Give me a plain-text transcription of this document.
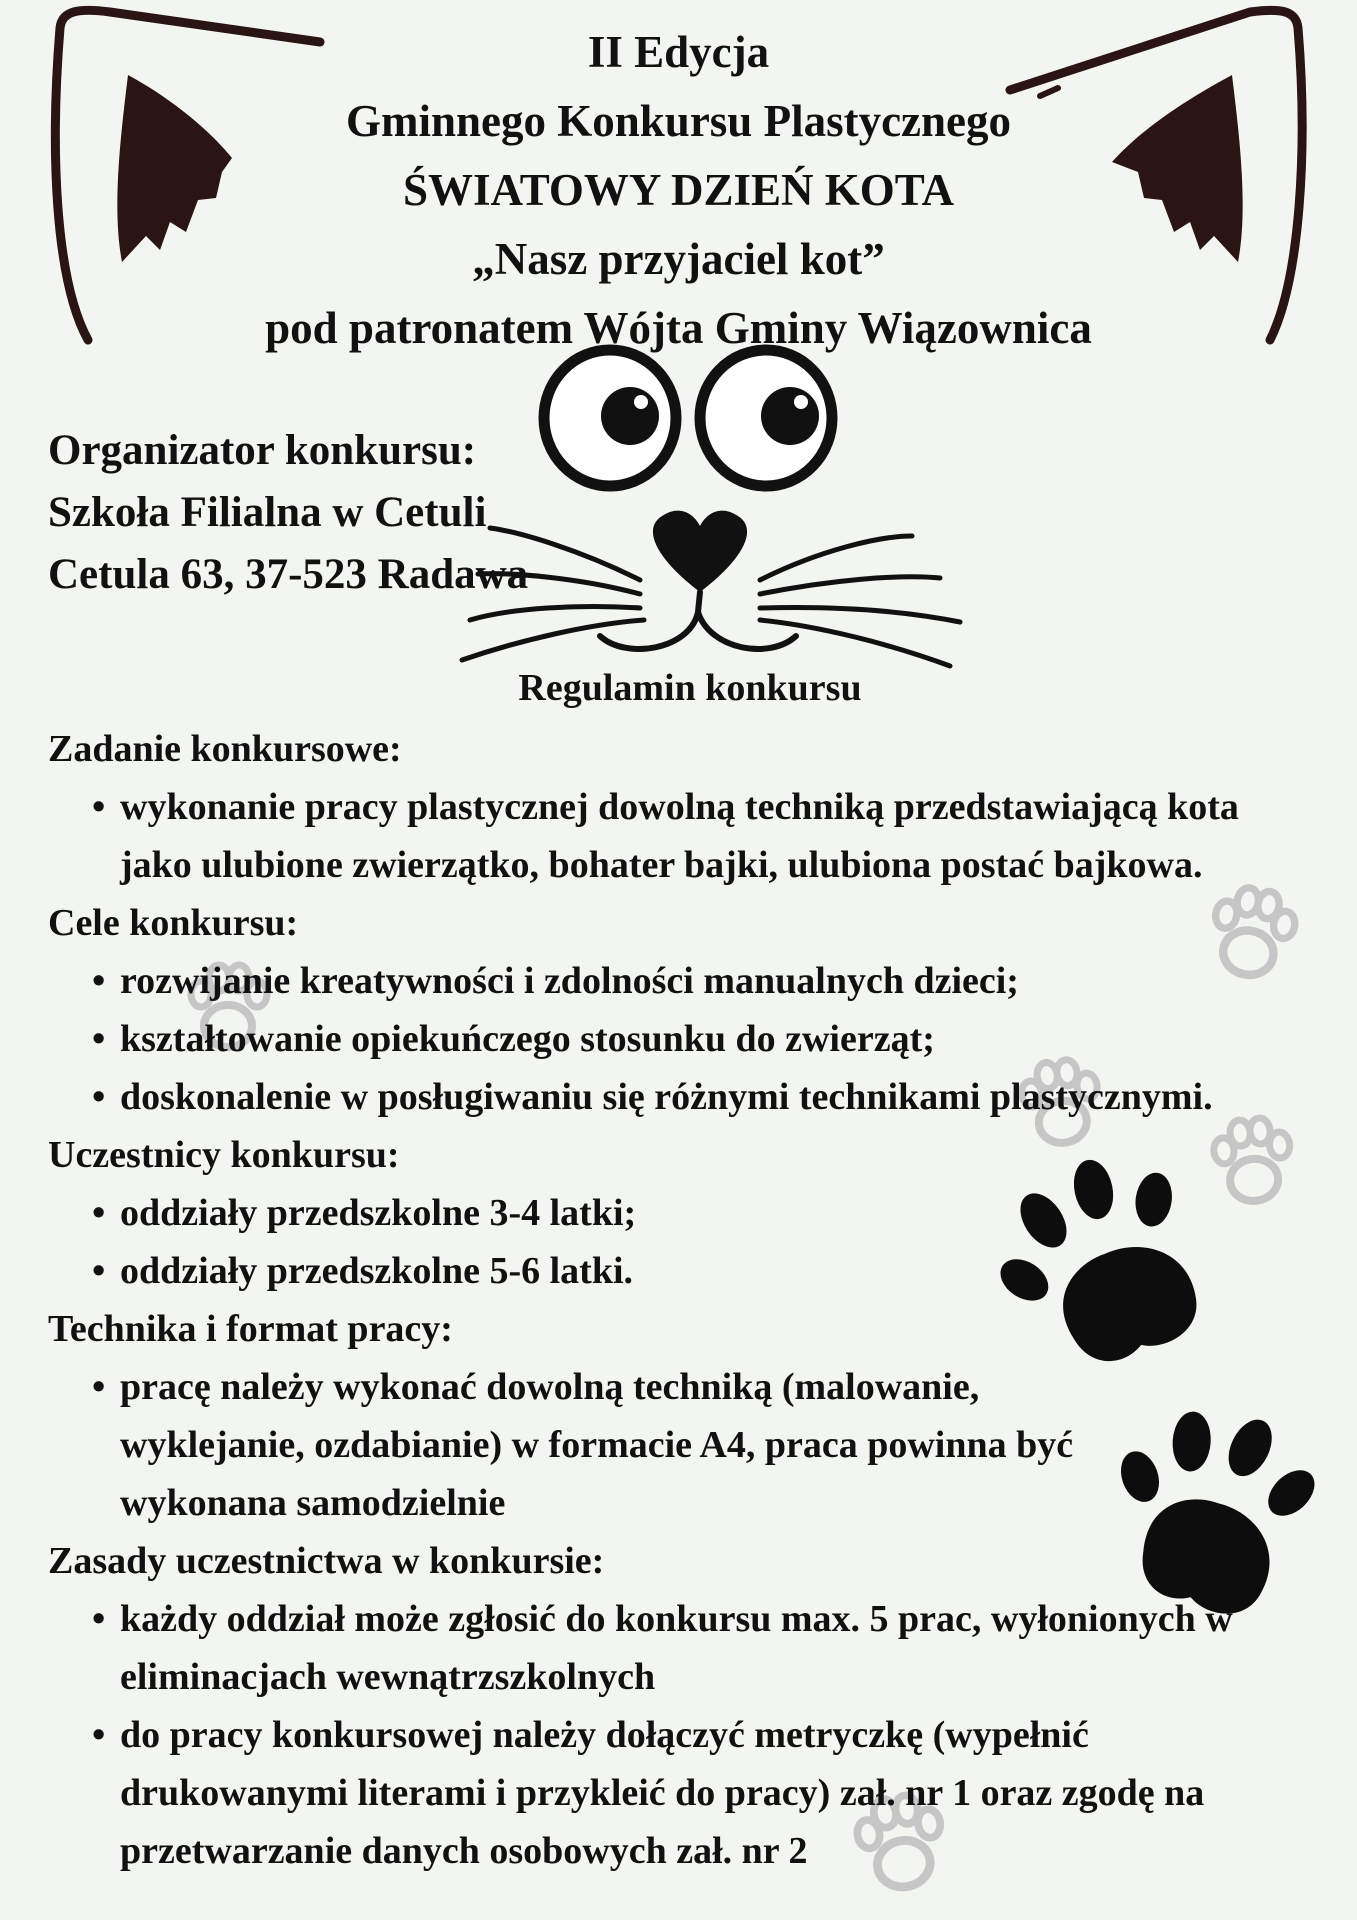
II Edycja
Gminnego Konkursu Plastycznego
ŚWIATOWY DZIEŃ KOTA
„Nasz przyjaciel kot”
pod patronatem Wójta Gminy Wiązownica
Organizator konkursu:
Szkoła Filialna w Cetuli
Cetula 63, 37-523 Radawa
Regulamin konkursu
Zadanie konkursowe:
• wykonanie pracy plastycznej dowolną techniką przedstawiającą kota jako ulubione zwierzątko, bohater bajki, ulubiona postać bajkowa.
Cele konkursu:
• rozwijanie kreatywności i zdolności manualnych dzieci;
• kształtowanie opiekuńczego stosunku do zwierząt;
• doskonalenie w posługiwaniu się różnymi technikami plastycznymi.
Uczestnicy konkursu:
• oddziały przedszkolne 3-4 latki;
• oddziały przedszkolne 5-6 latki.
Technika i format pracy:
• pracę należy wykonać dowolną techniką (malowanie, wyklejanie, ozdabianie) w formacie A4, praca powinna być wykonana samodzielnie
Zasady uczestnictwa w konkursie:
• każdy oddział może zgłosić do konkursu max. 5 prac, wyłonionych w eliminacjach wewnątrzszkolnych
• do pracy konkursowej należy dołączyć metryczkę (wypełnić drukowanymi literami i przykleić do pracy) zał. nr 1 oraz zgodę na przetwarzanie danych osobowych zał. nr 2
